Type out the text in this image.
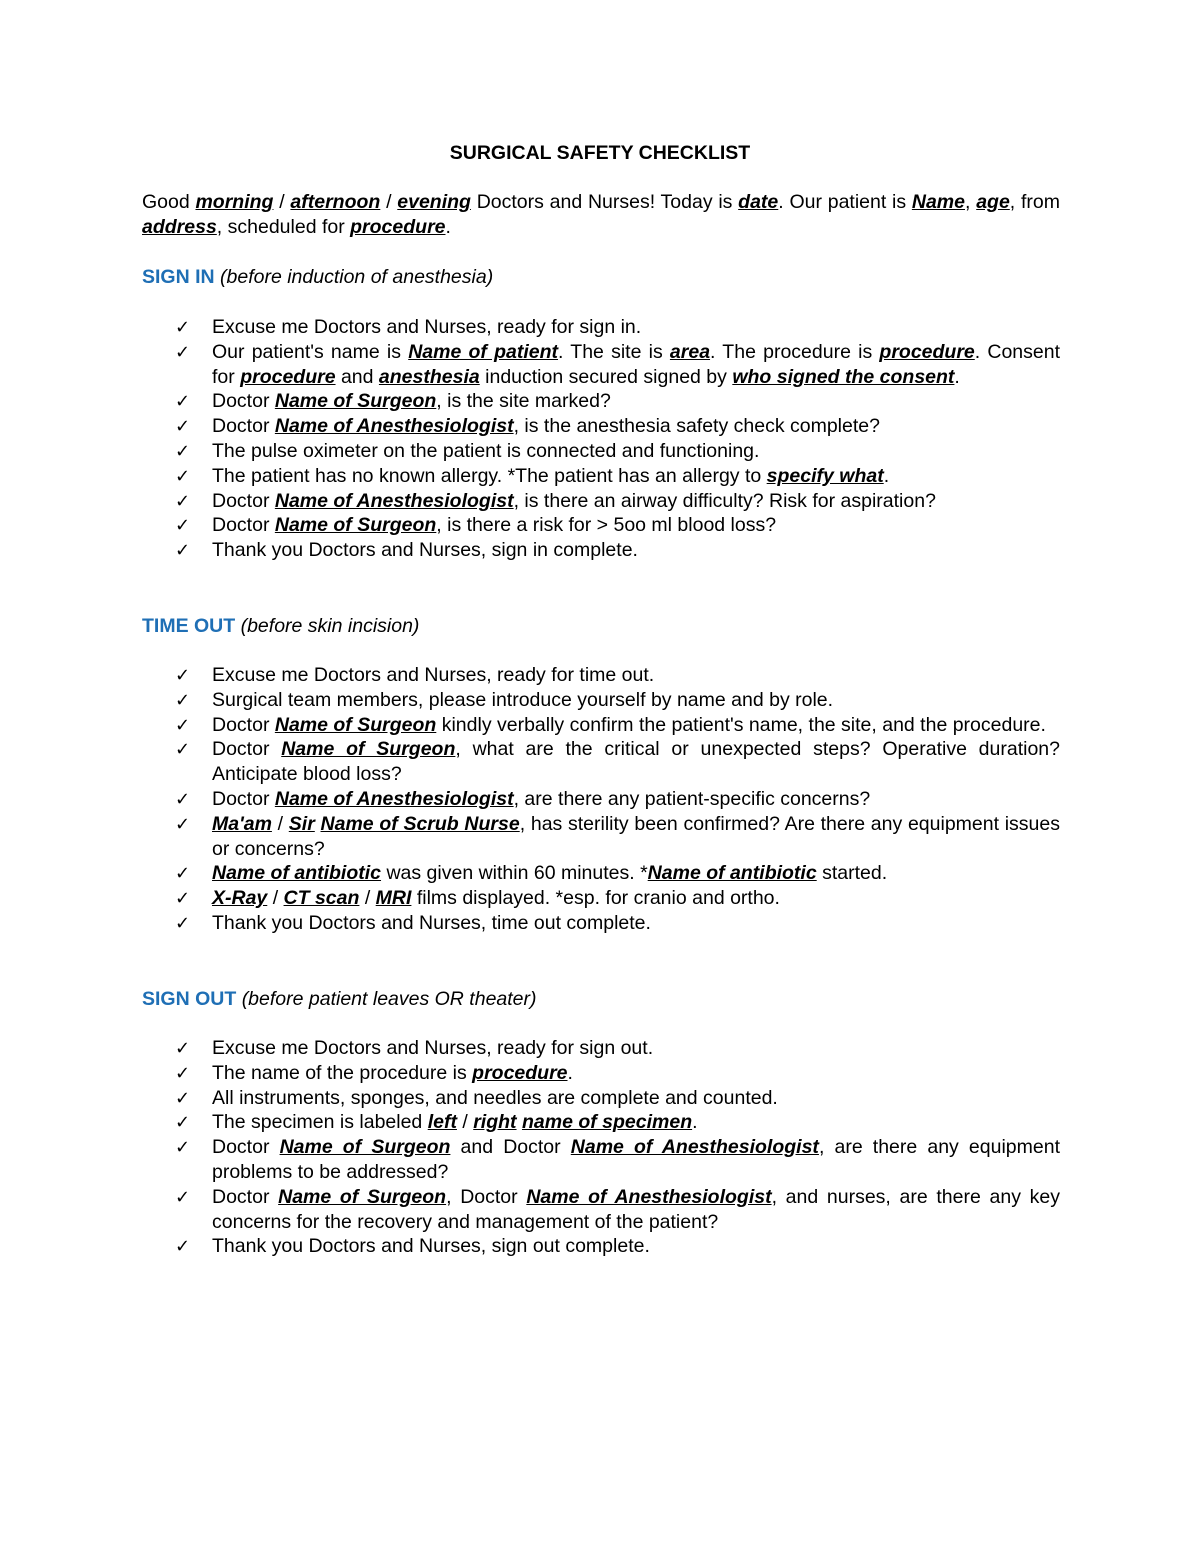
SURGICAL SAFETY CHECKLIST

Good morning / afternoon / evening Doctors and Nurses! Today is date. Our patient is Name, age, from address, scheduled for procedure.

SIGN IN (before induction of anesthesia)
✓ Excuse me Doctors and Nurses, ready for sign in.
✓ Our patient's name is Name of patient. The site is area. The procedure is procedure. Consent for procedure and anesthesia induction secured signed by who signed the consent.
✓ Doctor Name of Surgeon, is the site marked?
✓ Doctor Name of Anesthesiologist, is the anesthesia safety check complete?
✓ The pulse oximeter on the patient is connected and functioning.
✓ The patient has no known allergy. *The patient has an allergy to specify what.
✓ Doctor Name of Anesthesiologist, is there an airway difficulty? Risk for aspiration?
✓ Doctor Name of Surgeon, is there a risk for > 5oo ml blood loss?
✓ Thank you Doctors and Nurses, sign in complete.
TIME OUT (before skin incision)
✓ Excuse me Doctors and Nurses, ready for time out.
✓ Surgical team members, please introduce yourself by name and by role.
✓ Doctor Name of Surgeon kindly verbally confirm the patient's name, the site, and the procedure.
✓ Doctor Name of Surgeon, what are the critical or unexpected steps? Operative duration? Anticipate blood loss?
✓ Doctor Name of Anesthesiologist, are there any patient-specific concerns?
✓ Ma'am / Sir Name of Scrub Nurse, has sterility been confirmed? Are there any equipment issues or concerns?
✓ Name of antibiotic was given within 60 minutes. *Name of antibiotic started.
✓ X-Ray / CT scan / MRI films displayed. *esp. for cranio and ortho.
✓ Thank you Doctors and Nurses, time out complete.
SIGN OUT (before patient leaves OR theater)
✓ Excuse me Doctors and Nurses, ready for sign out.
✓ The name of the procedure is procedure.
✓ All instruments, sponges, and needles are complete and counted.
✓ The specimen is labeled left / right name of specimen.
✓ Doctor Name of Surgeon and Doctor Name of Anesthesiologist, are there any equipment problems to be addressed?
✓ Doctor Name of Surgeon, Doctor Name of Anesthesiologist, and nurses, are there any key concerns for the recovery and management of the patient?
✓ Thank you Doctors and Nurses, sign out complete.
